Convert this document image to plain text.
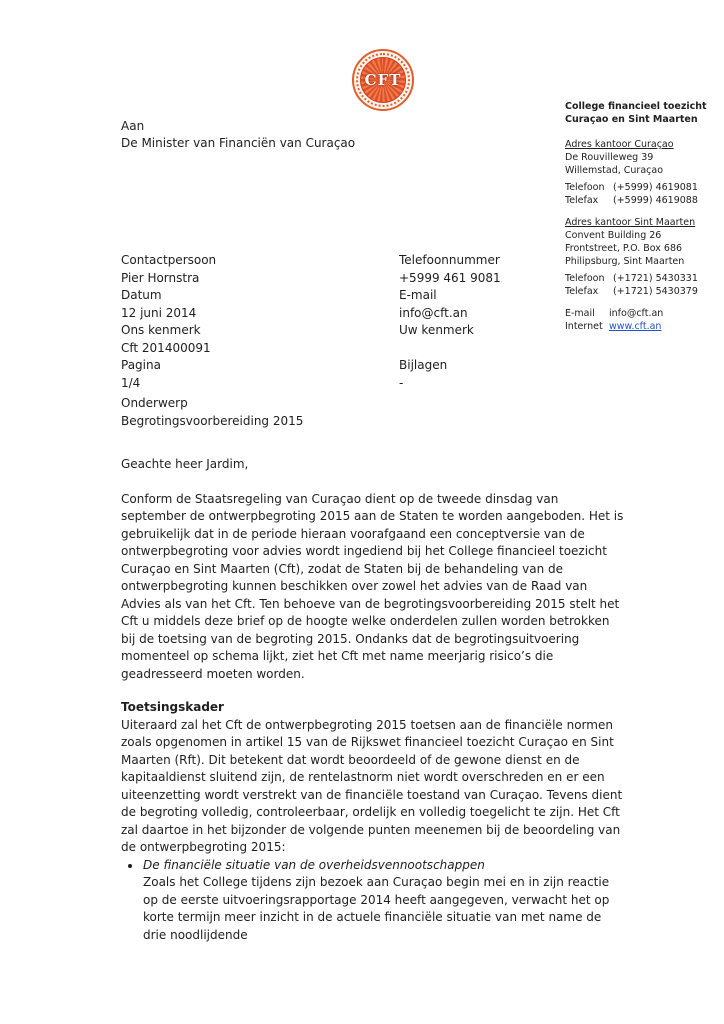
CFT
College financieel toezicht
Curaçao en Sint Maarten
Adres kantoor Curaçao
De Rouvilleweg 39
Willemstad, Curaçao
Telefoon (+5999) 4619081
Telefax	(+5999) 4619088
Adres kantoor Sint Maarten
Convent Building 26
Frontstreet, P.O. Box 686
Philipsburg, Sint Maarten
Telefoon (+1721) 5430331
Telefax	(+1721) 5430379
E-mail	info@cft.an
Internet www.cft.an
Aan
De Minister van Financiën van Curaçao
Contactpersoon	Telefoonnummer
Pier Hornstra	+5999 461 9081
Datum	E-mail
12 juni 2014	info@cft.an
Ons kenmerk	Uw kenmerk
Cft 201400091
Pagina	Bijlagen
1/4	-
Onderwerp
Begrotingsvoorbereiding 2015
Geachte heer Jardim,
Conform de Staatsregeling van Curaçao dient op de tweede dinsdag van september de ontwerpbegroting 2015 aan de Staten te worden aangeboden. Het is gebruikelijk dat in de periode hieraan voorafgaand een conceptversie van de ontwerpbegroting voor advies wordt ingediend bij het College financieel toezicht Curaçao en Sint Maarten (Cft), zodat de Staten bij de behandeling van de ontwerpbegroting kunnen beschikken over zowel het advies van de Raad van Advies als van het Cft. Ten behoeve van de begrotingsvoorbereiding 2015 stelt het Cft u middels deze brief op de hoogte welke onderdelen zullen worden betrokken bij de toetsing van de begroting 2015. Ondanks dat de begrotingsuitvoering momenteel op schema lijkt, ziet het Cft met name meerjarig risico’s die geadresseerd moeten worden.
Toetsingskader
Uiteraard zal het Cft de ontwerpbegroting 2015 toetsen aan de financiële normen zoals opgenomen in artikel 15 van de Rijkswet financieel toezicht Curaçao en Sint Maarten (Rft). Dit betekent dat wordt beoordeeld of de gewone dienst en de kapitaaldienst sluitend zijn, de rentelastnorm niet wordt overschreden en er een uiteenzetting wordt verstrekt van de financiële toestand van Curaçao. Tevens dient de begroting volledig, controleerbaar, ordelijk en volledig toegelicht te zijn. Het Cft zal daartoe in het bijzonder de volgende punten meenemen bij de beoordeling van de ontwerpbegroting 2015:
• De financiële situatie van de overheidsvennootschappen
Zoals het College tijdens zijn bezoek aan Curaçao begin mei en in zijn reactie op de eerste uitvoeringsrapportage 2014 heeft aangegeven, verwacht het op korte termijn meer inzicht in de actuele financiële situatie van met name de drie noodlijdende
